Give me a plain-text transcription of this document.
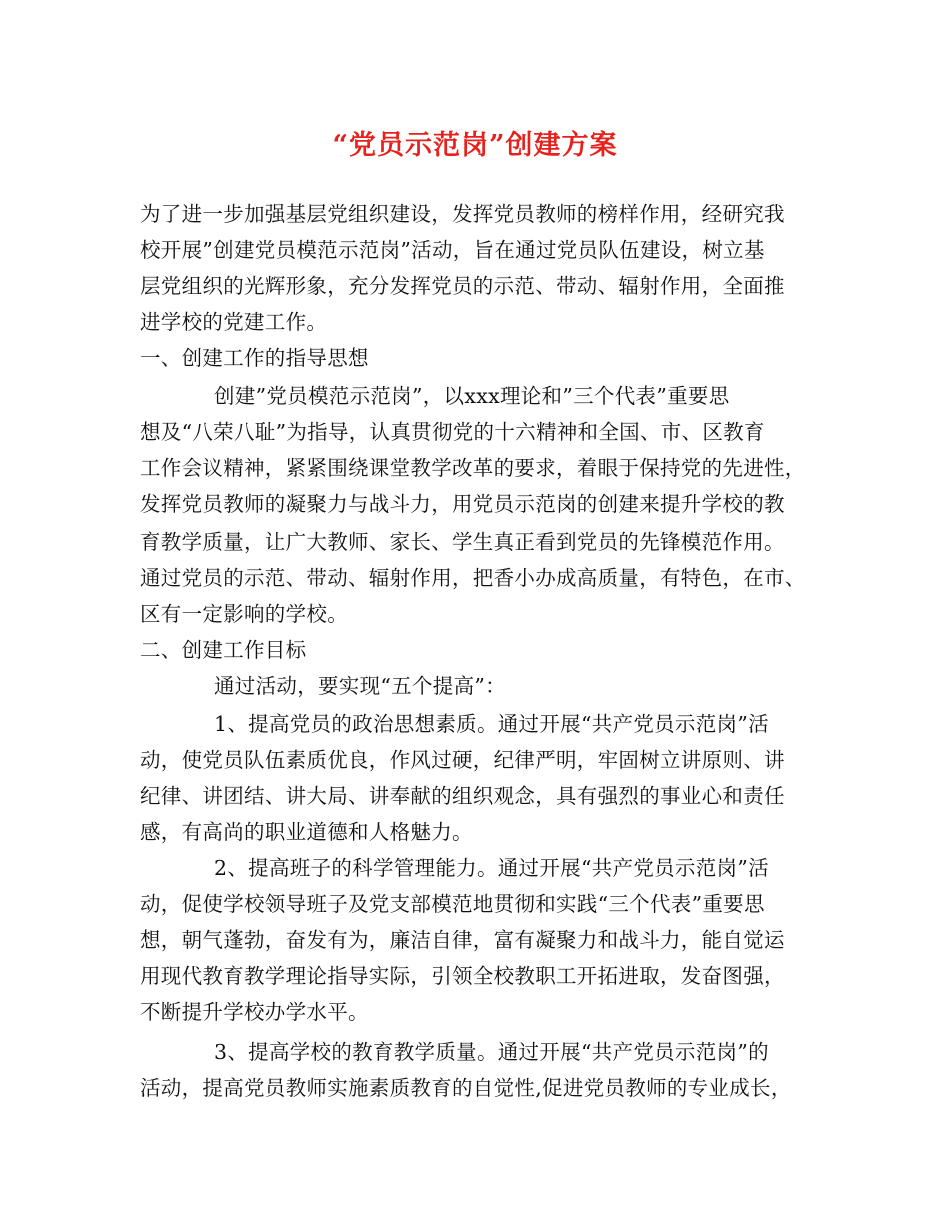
“党员示范岗”创建方案
为了进一步加强基层党组织建设，发挥党员教师的榜样作用，经研究我
校开展”创建党员模范示范岗”活动，旨在通过党员队伍建设，树立基
层党组织的光辉形象，充分发挥党员的示范、带动、辐射作用，全面推
进学校的党建工作。
一、创建工作的指导思想
创建”党员模范示范岗”，以xxx理论和”三个代表”重要思
想及“八荣八耻”为指导，认真贯彻党的十六精神和全国、市、区教育
工作会议精神，紧紧围绕课堂教学改革的要求，着眼于保持党的先进性，
发挥党员教师的凝聚力与战斗力，用党员示范岗的创建来提升学校的教
育教学质量，让广大教师、家长、学生真正看到党员的先锋模范作用。
通过党员的示范、带动、辐射作用，把香小办成高质量，有特色，在市、
区有一定影响的学校。
二、创建工作目标
通过活动，要实现“五个提高”：
1、提高党员的政治思想素质。通过开展“共产党员示范岗”活
动，使党员队伍素质优良，作风过硬，纪律严明，牢固树立讲原则、讲
纪律、讲团结、讲大局、讲奉献的组织观念，具有强烈的事业心和责任
感，有高尚的职业道德和人格魅力。
2、提高班子的科学管理能力。通过开展“共产党员示范岗”活
动，促使学校领导班子及党支部模范地贯彻和实践“三个代表”重要思
想，朝气蓬勃，奋发有为，廉洁自律，富有凝聚力和战斗力，能自觉运
用现代教育教学理论指导实际，引领全校教职工开拓进取，发奋图强，
不断提升学校办学水平。
3、提高学校的教育教学质量。通过开展“共产党员示范岗”的
活动，提高党员教师实施素质教育的自觉性,促进党员教师的专业成长，
